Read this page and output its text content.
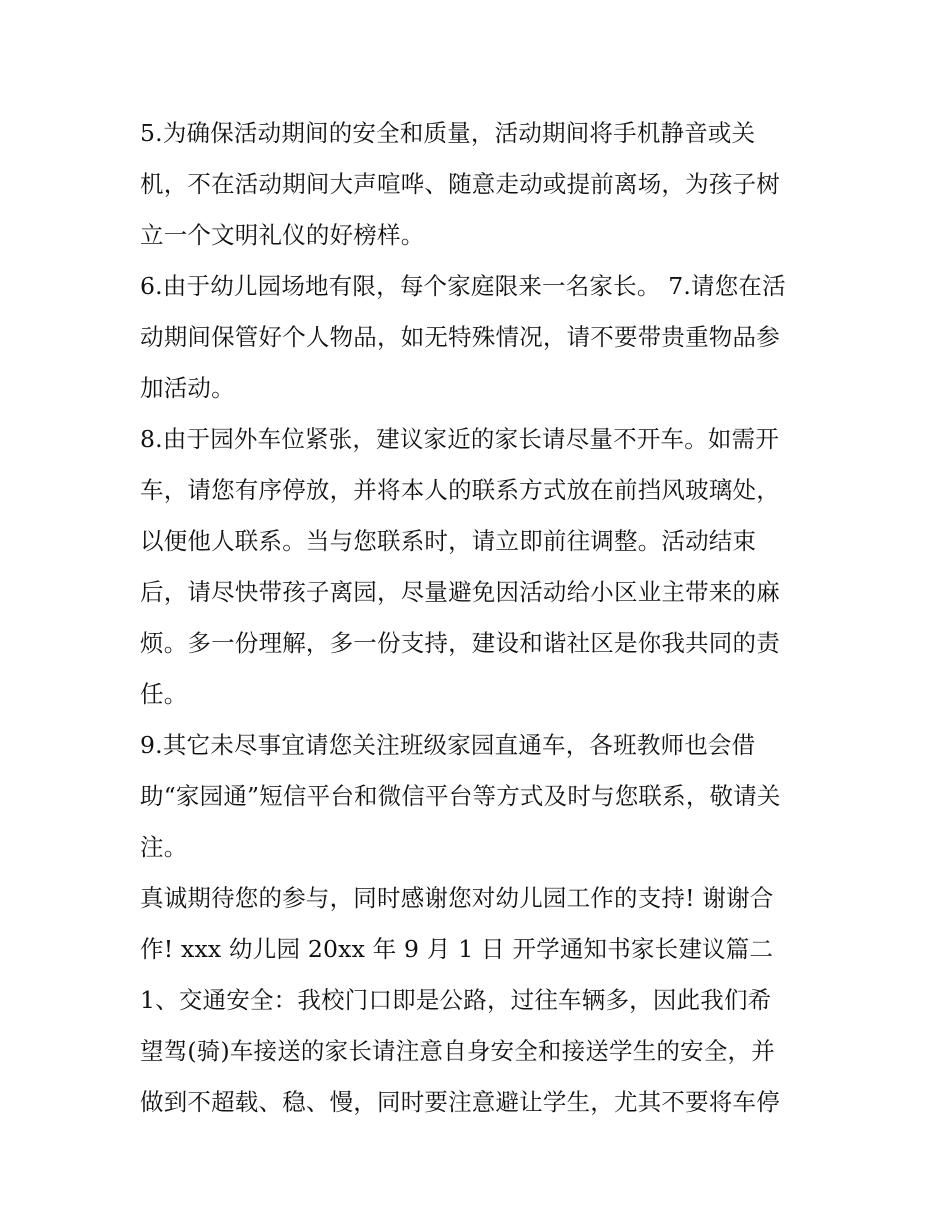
5.为确保活动期间的安全和质量，活动期间将手机静音或关
机，不在活动期间大声喧哗、随意走动或提前离场，为孩子树
立一个文明礼仪的好榜样。
6.由于幼儿园场地有限，每个家庭限来一名家长。 7.请您在活
动期间保管好个人物品，如无特殊情况，请不要带贵重物品参
加活动。
8.由于园外车位紧张，建议家近的家长请尽量不开车。如需开
车，请您有序停放，并将本人的联系方式放在前挡风玻璃处，
以便他人联系。当与您联系时，请立即前往调整。活动结束
后，请尽快带孩子离园，尽量避免因活动给小区业主带来的麻
烦。多一份理解，多一份支持，建设和谐社区是你我共同的责
任。
9.其它未尽事宜请您关注班级家园直通车，各班教师也会借
助“家园通”短信平台和微信平台等方式及时与您联系，敬请关
注。
真诚期待您的参与，同时感谢您对幼儿园工作的支持! 谢谢合
作! xxx 幼儿园 20xx 年 9 月 1 日 开学通知书家长建议篇二
1、交通安全：我校门口即是公路，过往车辆多，因此我们希
望驾(骑)车接送的家长请注意自身安全和接送学生的安全，并
做到不超载、稳、慢，同时要注意避让学生，尤其不要将车停
